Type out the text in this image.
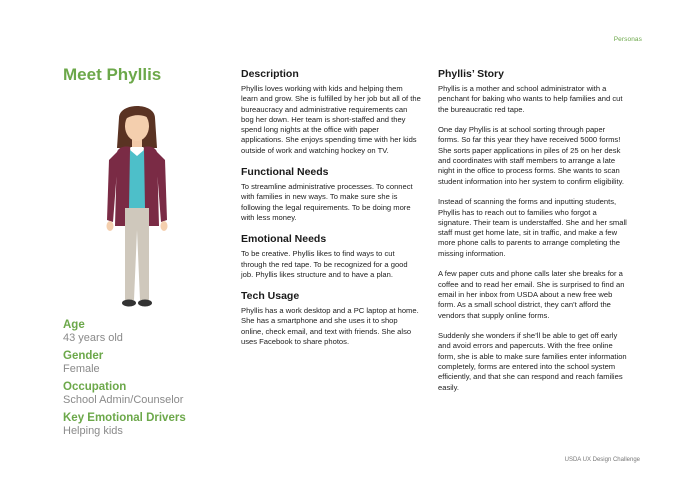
Personas
Meet Phyllis
Age
43 years old
Gender
Female
Occupation
School Admin/Counselor
Key Emotional Drivers
Helping kids
Description

Phyllis loves working with kids and helping them learn and grow. She is fulfilled by her job but all of the bureaucracy and administrative requirements can bog her down. Her team is short-staffed and they spend long nights at the office with paper applications. She enjoys spending time with her kids outside of work and watching hockey on TV.

Functional Needs

To streamline administrative processes. To connect with families in new ways. To make sure she is following the legal requirements. To be doing more with less money.

Emotional Needs

To be creative. Phyllis likes to find ways to cut through the red tape. To be recognized for a good job. Phyllis likes structure and to have a plan.

Tech Usage

Phyllis has a work desktop and a PC laptop at home. She has a smartphone and she uses it to shop online, check email, and text with friends. She also uses Facebook to share photos.

Phyllis’ Story

Phyllis is a mother and school administrator with a penchant for baking who wants to help families and cut the bureaucratic red tape.

One day Phyllis is at school sorting through paper forms. So far this year they have received 5000 forms! She sorts paper applications in piles of 25 on her desk and coordinates with staff members to arrange a late night in the office to process forms. She wants to scan student information into her system to confirm eligibility.

Instead of scanning the forms and inputting students, Phyllis has to reach out to families who forgot a signature. Their team is understaffed. She and her small staff must get home late, sit in traffic, and make a few more phone calls to parents to arrange completing the missing information.

A few paper cuts and phone calls later she breaks for a coffee and to read her email. She is surprised to find an email in her inbox from USDA about a new free web form. As a small school district, they can’t afford the vendors that supply online forms.

Suddenly she wonders if she’ll be able to get off early and avoid errors and papercuts. With the free online form, she is able to make sure families enter information completely, forms are entered into the school system efficiently, and that she can respond and reach families easily.

USDA UX Design Challenge
